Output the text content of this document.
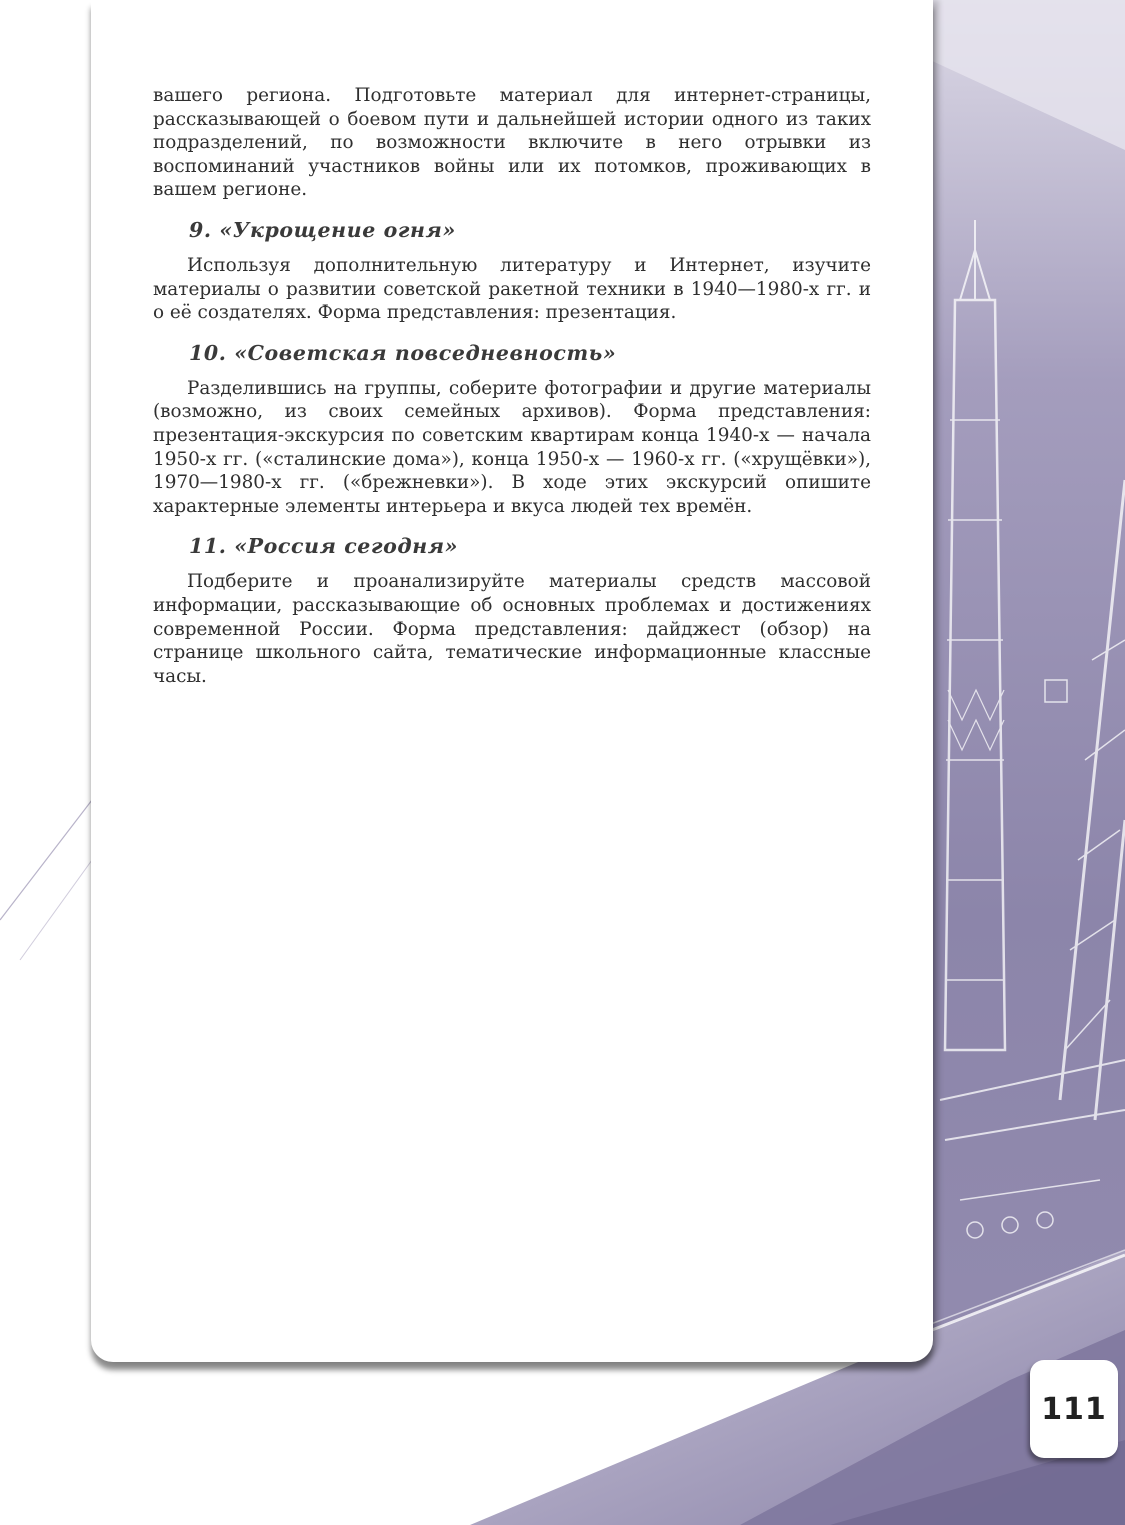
вашего региона. Подготовьте материал для интернет-страницы, рассказывающей о боевом пути и дальнейшей истории одного из таких подразделений, по возможности включите в него отрывки из воспоминаний участников войны или их потомков, проживающих в вашем регионе.

9. «Укрощение огня»

Используя дополнительную литературу и Интернет, изучите материалы о развитии советской ракетной техники в 1940—1980-х гг. и о её создателях. Форма представления: презентация.

10. «Советская повседневность»

Разделившись на группы, соберите фотографии и другие материалы (возможно, из своих семейных архивов). Форма представления: презентация-экскурсия по советским квартирам конца 1940-х — начала 1950-х гг. («сталинские дома»), конца 1950-х — 1960-х гг. («хрущёвки»), 1970—1980-х гг. («брежневки»). В ходе этих экскурсий опишите характерные элементы интерьера и вкуса людей тех времён.

11. «Россия сегодня»

Подберите и проанализируйте материалы средств массовой информации, рассказывающие об основных проблемах и достижениях современной России. Форма представления: дайджест (обзор) на странице школьного сайта, тематические информационные классные часы.

111
